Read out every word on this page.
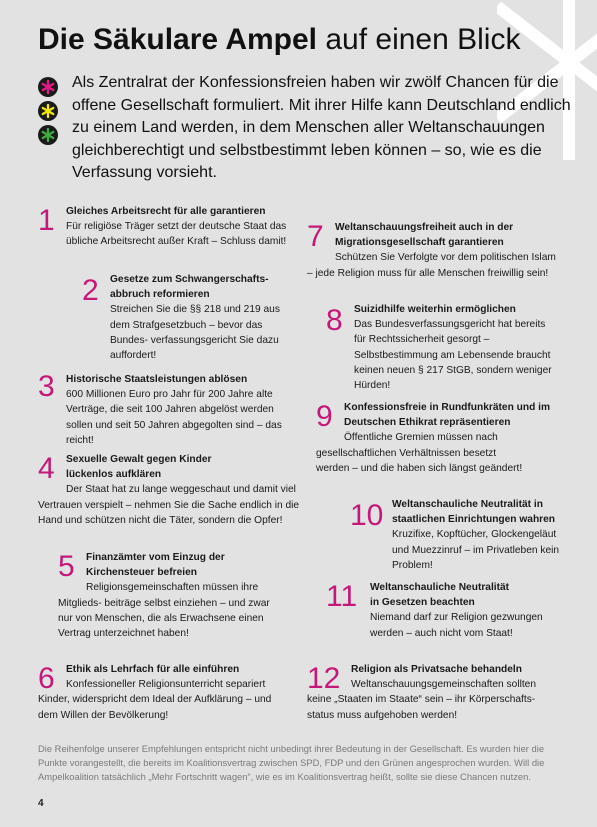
Die Säkulare Ampel auf einen Blick

Als Zentralrat der Konfessionsfreien haben wir zwölf Chancen für die offene Gesellschaft formuliert. Mit ihrer Hilfe kann Deutschland endlich zu einem Land werden, in dem Menschen aller Weltanschauungen gleichberechtigt und selbstbestimmt leben können – so, wie es die Verfassung vorsieht.

1 Gleiches Arbeitsrecht für alle garantieren
Für religiöse Träger setzt der deutsche Staat das übliche Arbeitsrecht außer Kraft – Schluss damit!
2 Gesetze zum Schwangerschafts- abbruch reformieren
Streichen Sie die §§ 218 und 219 aus dem Strafgesetzbuch – bevor das Bundes- verfassungsgericht Sie dazu auffordert!
3 Historische Staatsleistungen ablösen
600 Millionen Euro pro Jahr für 200 Jahre alte Verträge, die seit 100 Jahren abgelöst werden sollen und seit 50 Jahren abgegolten sind – das reicht!
4 Sexuelle Gewalt gegen Kinder lückenlos aufklären
Der Staat hat zu lange weggeschaut und damit viel Vertrauen verspielt – nehmen Sie die Sache endlich in die Hand und schützen nicht die Täter, sondern die Opfer!
5 Finanzämter vom Einzug der Kirchensteuer befreien
Religionsgemeinschaften müssen ihre Mitglieds- beiträge selbst einziehen – und zwar nur von Menschen, die als Erwachsene einen Vertrag unterzeichnet haben!
6 Ethik als Lehrfach für alle einführen
Konfessioneller Religionsunterricht separiert Kinder, widerspricht dem Ideal der Aufklärung – und dem Willen der Bevölkerung!
7 Weltanschauungsfreiheit auch in der Migrationsgesellschaft garantieren
Schützen Sie Verfolgte vor dem politischen Islam – jede Religion muss für alle Menschen freiwillig sein!
8 Suizidhilfe weiterhin ermöglichen
Das Bundesverfassungsgericht hat bereits für Rechtssicherheit gesorgt – Selbstbestimmung am Lebensende braucht keinen neuen § 217 StGB, sondern weniger Hürden!
9 Konfessionsfreie in Rundfunkräten und im Deutschen Ethikrat repräsentieren
Öffentliche Gremien müssen nach gesellschaftlichen Verhältnissen besetzt werden – und die haben sich längst geändert!
10 Weltanschauliche Neutralität in staatlichen Einrichtungen wahren
Kruzifixe, Kopftücher, Glockengeläut und Muezzinruf – im Privatleben kein Problem!
11 Weltanschauliche Neutralität in Gesetzen beachten
Niemand darf zur Religion gezwungen werden – auch nicht vom Staat!
12 Religion als Privatsache behandeln
Weltanschauungsgemeinschaften sollten keine „Staaten im Staate“ sein – ihr Körperschafts- status muss aufgehoben werden!

Die Reihenfolge unserer Empfehlungen entspricht nicht unbedingt ihrer Bedeutung in der Gesellschaft. Es wurden hier die Punkte vorangestellt, die bereits im Koalitionsvertrag zwischen SPD, FDP und den Grünen angesprochen wurden. Will die Ampelkoalition tatsächlich „Mehr Fortschritt wagen“, wie es im Koalitionsvertrag heißt, sollte sie diese Chancen nutzen.

4
